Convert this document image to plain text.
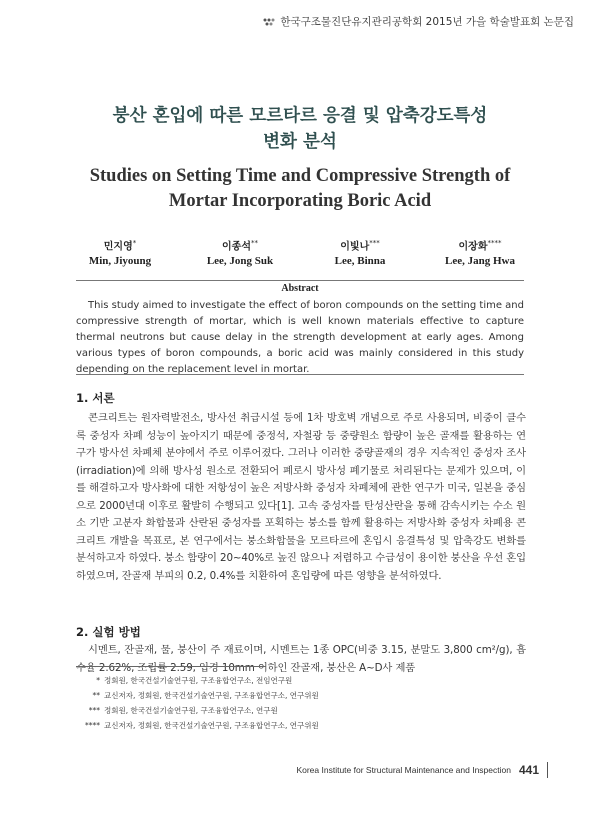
한국구조물진단유지관리공학회 2015년 가을 학술발표회 논문집
붕산 혼입에 따른 모르타르 응결 및 압축강도특성
변화 분석
Studies on Setting Time and Compressive Strength of
Mortar Incorporating Boric Acid
민지영*
Min, Jiyoung
이종석**
Lee, Jong Suk
이빛나***
Lee, Binna
이장화****
Lee, Jang Hwa
Abstract
This study aimed to investigate the effect of boron compounds on the setting time and compressive strength of mortar, which is well known materials effective to capture thermal neutrons but cause delay in the strength development at early ages. Among various types of boron compounds, a boric acid was mainly considered in this study depending on the replacement level in mortar.
1. 서론
콘크리트는 원자력발전소, 방사선 취급시설 등에 1차 방호벽 개념으로 주로 사용되며, 비중이 클수록 중성자 차폐 성능이 높아지기 때문에 중정석, 자철광 등 중량원소 함량이 높은 골재를 활용하는 연구가 방사선 차폐체 분야에서 주로 이루어졌다. 그러나 이러한 중량골재의 경우 지속적인 중성자 조사(irradiation)에 의해 방사성 원소로 전환되어 폐로시 방사성 폐기물로 처리된다는 문제가 있으며, 이를 해결하고자 방사화에 대한 저항성이 높은 저방사화 중성자 차폐체에 관한 연구가 미국, 일본을 중심으로 2000년대 이후로 활발히 수행되고 있다[1]. 고속 중성자를 탄성산란을 통해 감속시키는 수소 원소 기반 고분자 화합물과 산란된 중성자를 포획하는 붕소를 함께 활용하는 저방사화 중성자 차폐용 콘크리트 개발을 목표로, 본 연구에서는 붕소화합물을 모르타르에 혼입시 응결특성 및 압축강도 변화를 분석하고자 하였다. 붕소 함량이 20~40%로 높진 않으나 저렴하고 수급성이 용이한 붕산을 우선 혼입하였으며, 잔골재 부피의 0.2, 0.4%를 치환하여 혼입량에 따른 영향을 분석하였다.
2. 실험 방법
시멘트, 잔골재, 물, 붕산이 주 재료이며, 시멘트는 1종 OPC(비중 3.15, 분말도 3,800 cm²/g), 흡수율 2.62%, 조립률 2.59, 입경 10mm 이하인 잔골재, 붕산은 A~D사 제품
* 정회원, 한국건설기술연구원, 구조융합연구소, 전임연구원
** 교신저자, 정회원, 한국건설기술연구원, 구조융합연구소, 연구위원
*** 정회원, 한국건설기술연구원, 구조융합연구소, 연구원
**** 교신저자, 정회원, 한국건설기술연구원, 구조융합연구소, 연구위원
Korea Institute for Structural Maintenance and Inspection 441
